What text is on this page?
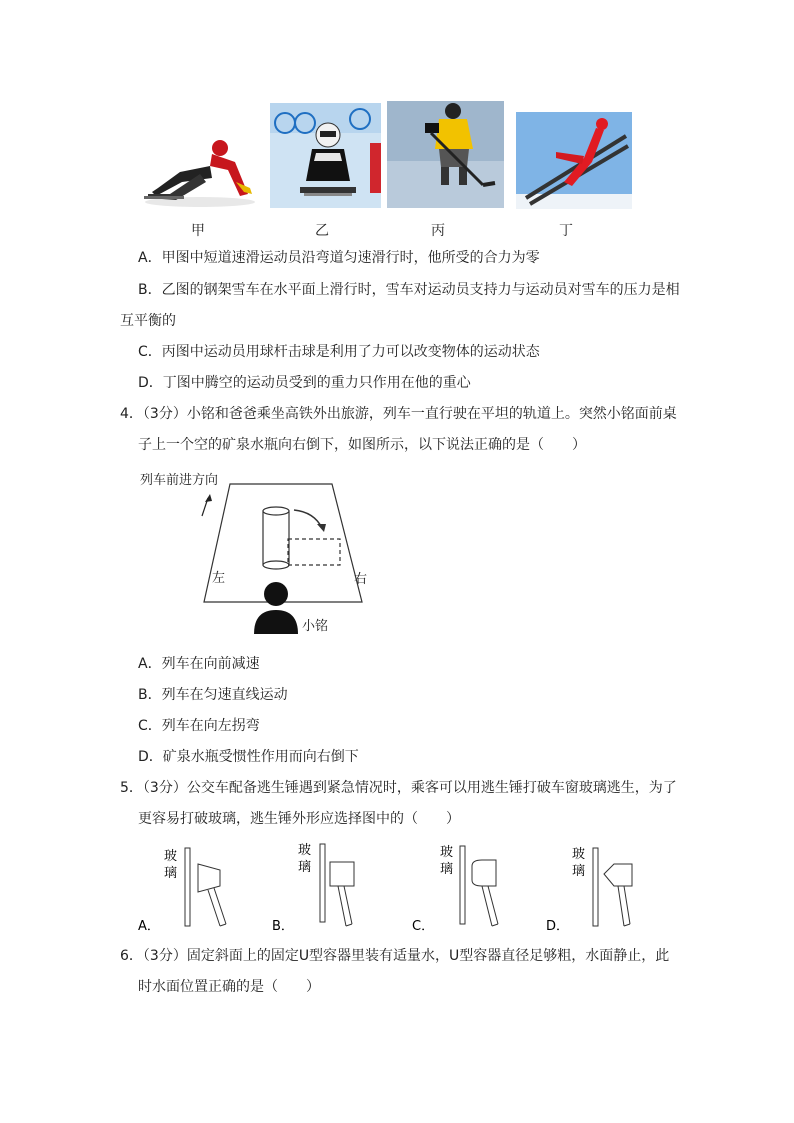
甲	乙	丙	丁
A．甲图中短道速滑运动员沿弯道匀速滑行时，他所受的合力为零
B．乙图的钢架雪车在水平面上滑行时，雪车对运动员支持力与运动员对雪车的压力是相
互平衡的
C．丙图中运动员用球杆击球是利用了力可以改变物体的运动状态
D．丁图中腾空的运动员受到的重力只作用在他的重心
4．（3分）小铭和爸爸乘坐高铁外出旅游，列车一直行驶在平坦的轨道上。突然小铭面前桌
子上一个空的矿泉水瓶向右倒下，如图所示，以下说法正确的是（　　）
列车前进方向
左	右
小铭
A．列车在向前减速
B．列车在匀速直线运动
C．列车在向左拐弯
D．矿泉水瓶受惯性作用而向右倒下
5．（3分）公交车配备逃生锤遇到紧急情况时，乘客可以用逃生锤打破车窗玻璃逃生，为了
更容易打破玻璃，逃生锤外形应选择图中的（　　）
玻
璃
A．
玻
璃
B．
玻
璃
C．
玻
璃
D．
6．（3分）固定斜面上的固定U型容器里装有适量水，U型容器直径足够粗，水面静止，此
时水面位置正确的是（　　）
